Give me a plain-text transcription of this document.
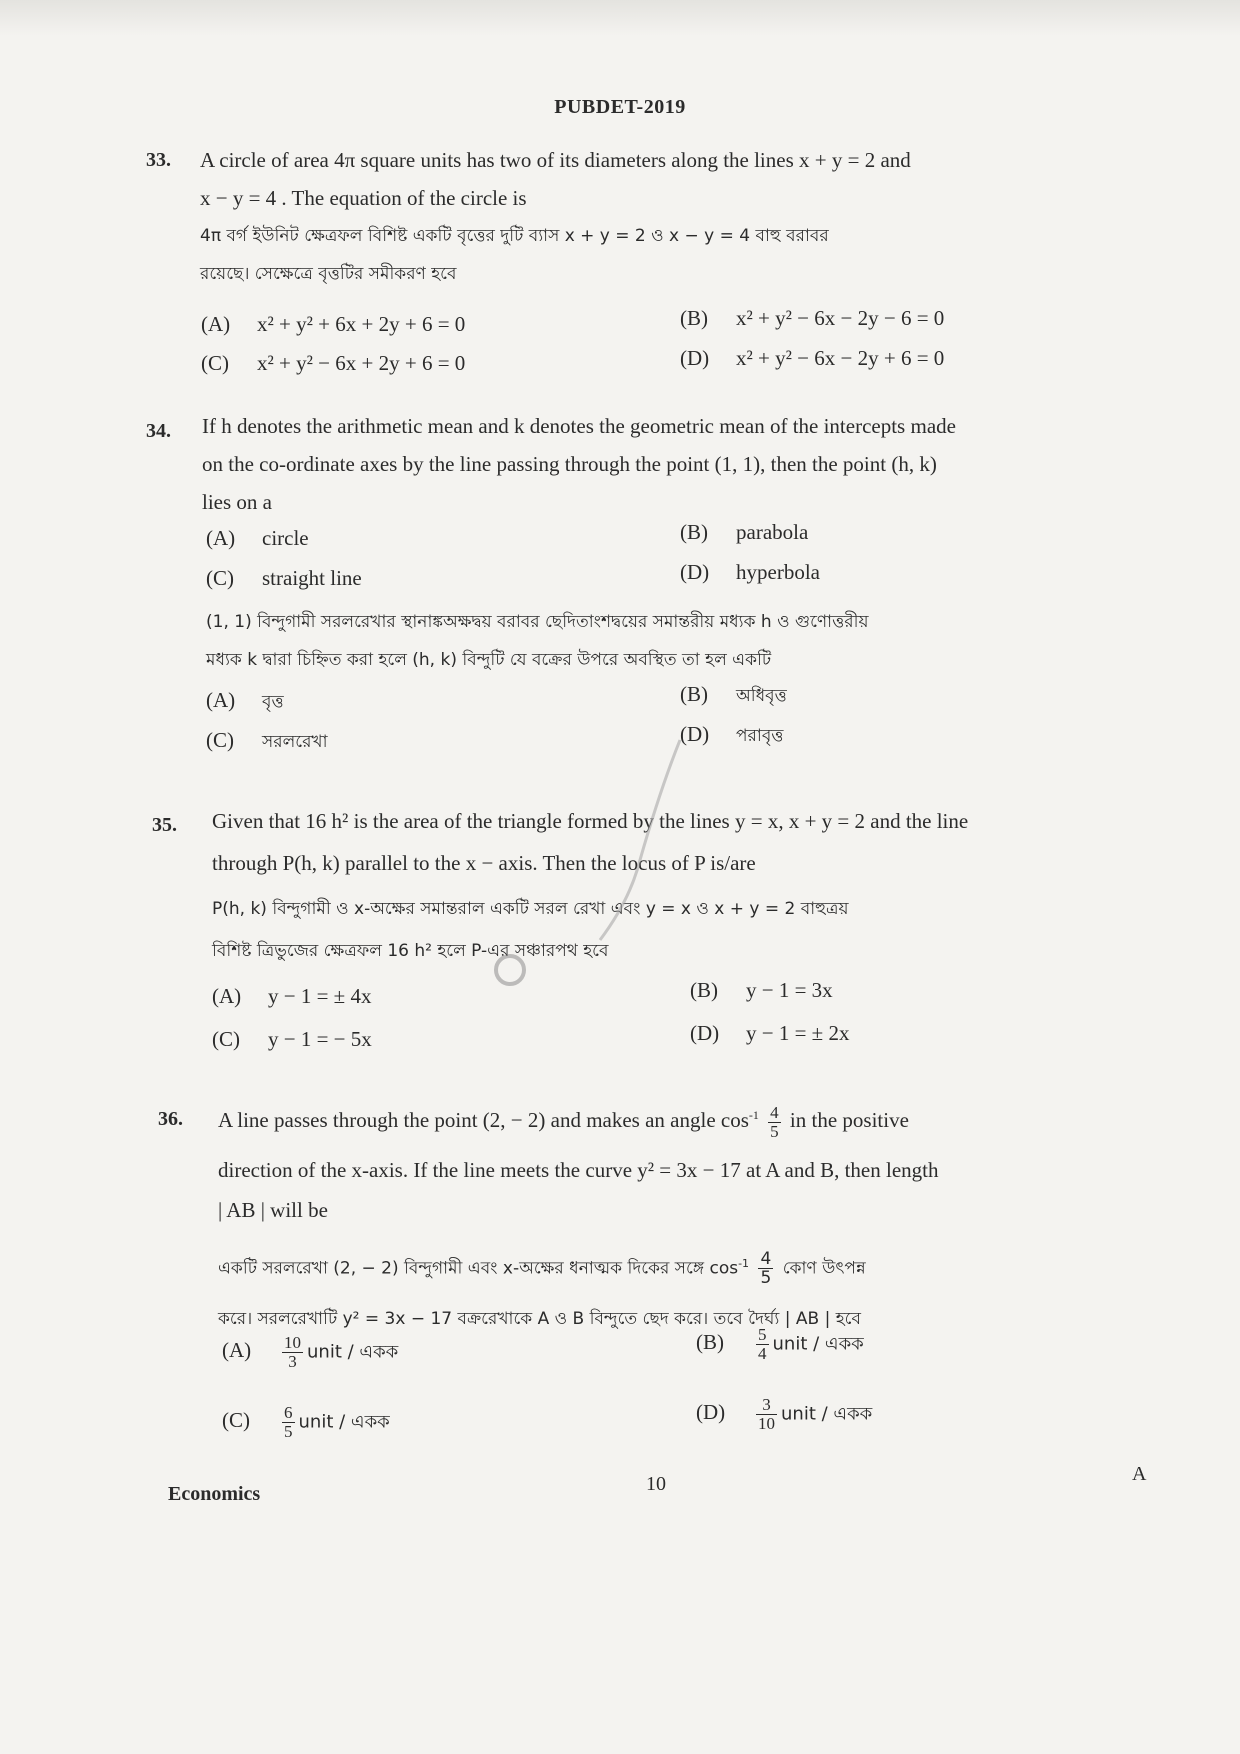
PUBDET-2019
33. A circle of area 4π square units has two of its diameters along the lines x + y = 2 and
x − y = 4 . The equation of the circle is
4π বর্গ ইউনিট ক্ষেত্রফল বিশিষ্ট একটি বৃত্তের দুটি ব্যাস x + y = 2 ও x − y = 4 বাহু বরাবর
রয়েছে। সেক্ষেত্রে বৃত্তটির সমীকরণ হবে
(A) x² + y² + 6x + 2y + 6 = 0	(B) x² + y² − 6x − 2y − 6 = 0
(C) x² + y² − 6x + 2y + 6 = 0	(D) x² + y² − 6x − 2y + 6 = 0
34. If h denotes the arithmetic mean and k denotes the geometric mean of the intercepts made
on the co-ordinate axes by the line passing through the point (1, 1), then the point (h, k)
lies on a
(A) circle	(B) parabola
(C) straight line	(D) hyperbola
(1, 1) বিন্দুগামী সরলরেখার স্থানাঙ্কঅক্ষদ্বয় বরাবর ছেদিতাংশদ্বয়ের সমান্তরীয় মধ্যক h ও গুণোত্তরীয়
মধ্যক k দ্বারা চিহ্নিত করা হলে (h, k) বিন্দুটি যে বক্রের উপরে অবস্থিত তা হল একটি
(A) বৃত্ত	(B) অধিবৃত্ত
(C) সরলরেখা	(D) পরাবৃত্ত
35. Given that 16 h² is the area of the triangle formed by the lines y = x, x + y = 2 and the line
through P(h, k) parallel to the x − axis. Then the locus of P is/are
P(h, k) বিন্দুগামী ও x-অক্ষের সমান্তরাল একটি সরল রেখা এবং y = x ও x + y = 2 বাহুত্রয়
বিশিষ্ট ত্রিভুজের ক্ষেত্রফল 16 h² হলে P-এর সঞ্চারপথ হবে
(A) y − 1 = ± 4x	(B) y − 1 = 3x
(C) y − 1 = − 5x	(D) y − 1 = ± 2x
36. A line passes through the point (2, − 2) and makes an angle $\cos^{-1} \frac{4}{5}$ in the positive
direction of the x-axis. If the line meets the curve y² = 3x − 17 at A and B, then length
| AB | will be
একটি সরলরেখা (2, − 2) বিন্দুগামী এবং x-অক্ষের ধনাত্মক দিকের সঙ্গে $\cos^{-1} \frac{4}{5}$ কোণ উৎপন্ন
করে। সরলরেখাটি y² = 3x − 17 বক্ররেখাকে A ও B বিন্দুতে ছেদ করে। তবে দৈর্ঘ্য | AB | হবে
$(A) \frac{10}{3}$ unit / একক	$(B) \frac{5}{4}$ unit / একক
$(C) \frac{6}{5}$ unit / একক	$(D) \frac{3}{10}$ unit / একক
Economics	10	A
